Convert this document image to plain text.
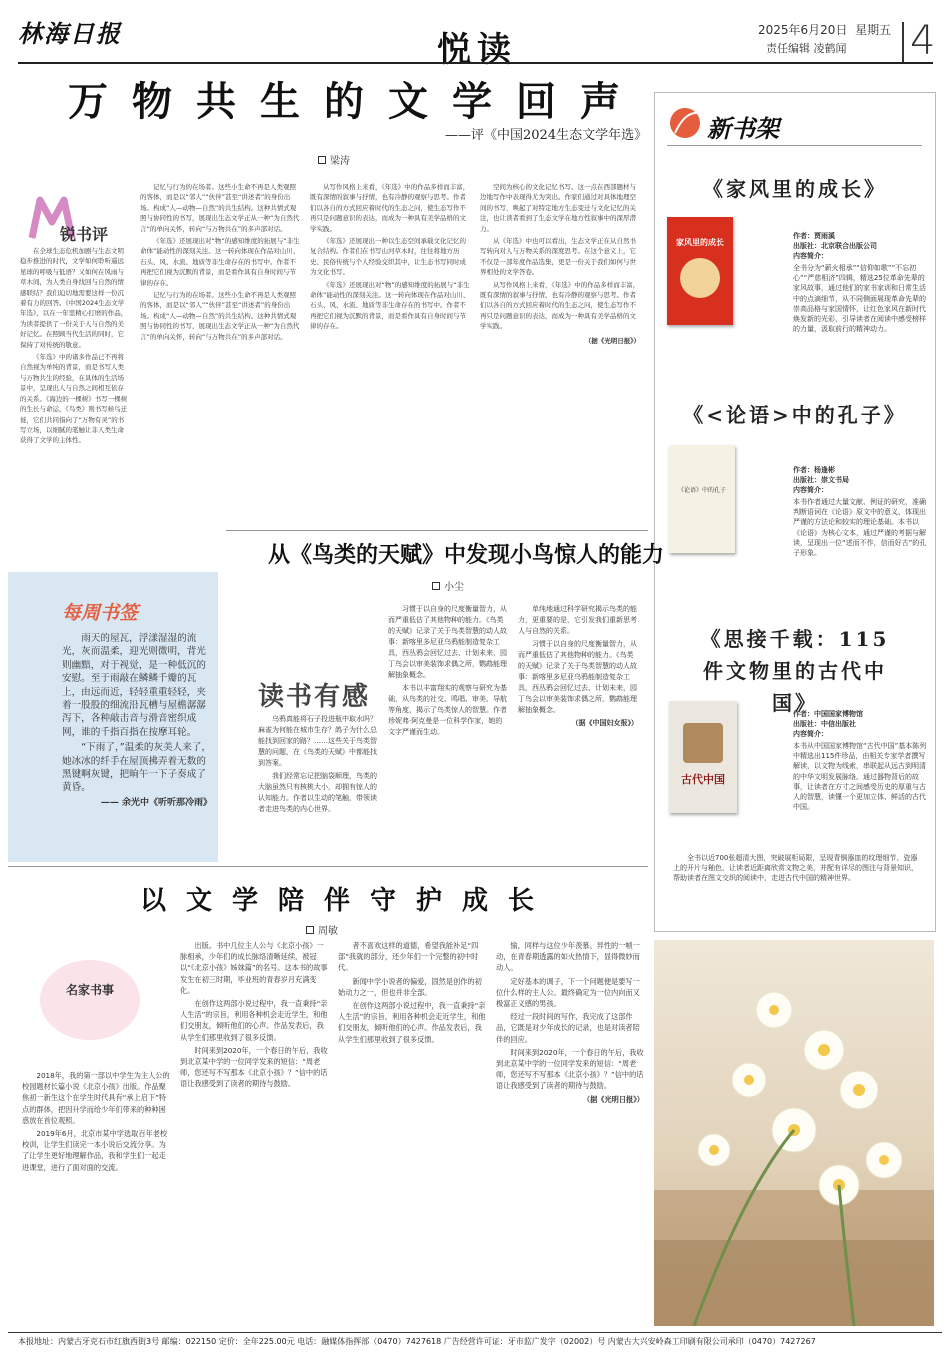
林海日报	悦读	2025年6月20日 星期五
责任编辑 凌鹤闻 4
万物共生的文学回声
——评《中国2024生态文学年选》
梁涛
锐书评

在全球生态危机加剧与生态文明稳步推进的时代，文学如何聆听遥远星球的呼吸与低语？又如何在风雨与草木间，为人类自身找回与自然的情感联结？我们迫切地需要这样一份沉着有力的回答。《中国2024生态文学年选》，以在一年里精心打磨的作品，为读者提供了一份关于人与自然的美好记忆。在照顾当代生活的同时，它保持了对传统的敬意。

《年选》中的诸多作品已不再将自然视为单纯的背景，而是书写人类与万物共生的经验，在具体的生活场景中，呈现出人与自然之间相互依存的关系。《海边的一棵树》书写一棵树的生长与命运，《鸟类》则书写候鸟迁徙，它们共同指向了“万物有灵”的书写立场，以细腻的笔触让非人类生命获得了文学的主体性。

记忆与行为的在场者。这些小生命不再是人类观照的客体，而是以“邻人”“伙伴”甚至“讲述者”的身份出场。构成“人—动物—自然”的共生结构。这种共情式观照与协同性的书写，展现出生态文学正从一种“为自然代言”的单向关怀，转向“与万物共在”的多声部对话。

《年选》还展现出对“物”的感知维度的拓展与“非生命体”能动性的深刻关注。这一转向体现在作品对山川、石头、风、水流、地质等非生命存在的书写中。作者不再把它们视为沉默的背景，而是看作具有自身时间与节律的存在。

记忆与行为的在场者。这些小生命不再是人类观照的客体，而是以“邻人”“伙伴”甚至“讲述者”的身份出场。构成“人—动物—自然”的共生结构。这种共情式观照与协同性的书写，展现出生态文学正从一种“为自然代言”的单向关怀，转向“与万物共在”的多声部对话。

从写作风格上来看，《年选》中的作品多样而丰富，既有深情的叙事与抒情，也有冷静的观察与思考。作者们以各自的方式回应着时代的生态之问，使生态写作不再只是问题意识的表达，而成为一种具有美学品格的文学实践。

《年选》还展现出一种以生态空间承载文化记忆的复合结构。作者们在书写山河草木时，往往将地方历史、民俗传统与个人经验交织其中，让生态书写同时成为文化书写。

《年选》还展现出对“物”的感知维度的拓展与“非生命体”能动性的深刻关注。这一转向体现在作品对山川、石头、风、水流、地质等非生命存在的书写中。作者不再把它们视为沉默的背景，而是看作具有自身时间与节律的存在。

空间为核心的文化记忆书写。这一点在西部题材与边地写作中表现得尤为突出。作家们通过对具体地理空间的书写，唤起了对特定地方生态变迁与文化记忆的关注，也让读者看到了生态文学在地方性叙事中的深厚潜力。

从《年选》中也可以看出，生态文学正在从自然书写转向对人与万物关系的深度思考。在这个意义上，它不仅是一部年度作品选集，更是一份关于我们如何与世界相处的文学答卷。

从写作风格上来看，《年选》中的作品多样而丰富，既有深情的叙事与抒情，也有冷静的观察与思考。作者们以各自的方式回应着时代的生态之问，使生态写作不再只是问题意识的表达，而成为一种具有美学品格的文学实践。

（据《光明日报》）
新书架
《家风里的成长》
家风里的成长
作者：贾雨溪
出版社：北京联合出版公司
内容简介：
全书分为“薪火相承”“信仰如歌”“不忘初心”“严慈相济”四辑，精选25位革命先辈的家风故事，通过他们的家书家训和日常生活中的点滴细节，从不同侧面展现革命先辈的崇高品格与家国情怀，让红色家风在新时代焕发新的光彩，引导读者在阅读中感受榜样的力量，汲取前行的精神动力。
《<论语>中的孔子》
《论语》中的孔子
作者：杨逢彬
出版社：崇文书局
内容简介：
本书作者通过大量文献、例证的研究，准确判断语词在《论语》原文中的意义，体现出严谨的方法论和较实的理论基础。本书以《论语》为核心文本，通过严谨的考据与解读，呈现出一位“述而不作，信而好古”的孔子形象。
《思接千载：115件文物里的古代中国》
古代中国
作者：中国国家博物馆
出版社：中信出版社
内容简介：
本书从中国国家博物馆“古代中国”基本陈列中精选出115件珍品，由相关专家学者撰写解读，以文物为线索，串联起从远古到明清的中华文明发展脉络。通过器物背后的故事，让读者在方寸之间感受历史的厚重与古人的智慧，读懂一个更加立体、鲜活的古代中国。
全书以近700张超清大图，突破展柜局限，呈现青铜器皿的纹理细节、瓷器上的开片与釉色，让读者近距离欣赏文物之美，并配有详尽的图注与背景知识，帮助读者在图文交织的阅读中，走进古代中国的精神世界。
从《鸟类的天赋》中发现小鸟惊人的能力
小尘
读书有感

乌鸦真能将石子投进瓶中取水吗？麻雀为何能在城市生存？鸽子为什么总能找到回家的路？……这些关于鸟类智慧的问题，在《鸟类的天赋》中都能找到答案。

我们经常忘记把脑袋顺理，鸟类的大脑虽然只有核桃大小，却拥有惊人的认知能力。作者以生动的笔触，带领读者走进鸟类的内心世界。

习惯于以自身的尺度衡量智力，从而严重低估了其他物种的能力。《鸟类的天赋》记录了关于鸟类智慧的动人故事：新喀里多尼亚乌鸦能制造复杂工具，西丛鸦会回忆过去、计划未来，园丁鸟会以审美装饰求偶之所，鹦鹉能理解抽象概念。

本书以丰富翔实的观察与研究为基础，从鸟类的社交、鸣唱、审美、导航等角度，揭示了鸟类惊人的智慧。作者珍妮弗·阿克曼是一位科学作家，她的文字严谨而生动。

单纯地通过科学研究揭示鸟类的能力，更重要的是，它引发我们重新思考人与自然的关系。

习惯于以自身的尺度衡量智力，从而严重低估了其他物种的能力。《鸟类的天赋》记录了关于鸟类智慧的动人故事：新喀里多尼亚乌鸦能制造复杂工具，西丛鸦会回忆过去、计划未来，园丁鸟会以审美装饰求偶之所，鹦鹉能理解抽象概念。

（据《中国妇女报》）
每周书签

雨天的屋瓦，浮漾湿湿的流光，灰而温柔，迎光则微明，背光则幽黯，对于视觉，是一种低沉的安慰。至于雨敲在鳞鳞千瓣的瓦上，由远而近，轻轻重重轻轻，夹着一股股的细流沿瓦槽与屋檐潺潺泻下，各种敲击音与滑音密织成网，谁的千指百指在按摩耳轮。

“下雨了，”温柔的灰美人来了，她冰冰的纤手在屋顶拂弄着无数的黑键啊灰键，把晌午一下子奏成了黄昏。

—— 余光中《听听那冷雨》
以文学陪伴守护成长
周敏
名家书事

2018年，我的第一部以中学生为主人公的校园题材长篇小说《北京小孩》出版。作品聚焦初一新生这个在学生时代具有“承上启下”特点的群体，把因升学而给少年们带来的种种困惑放在首位观照。

2019年6月，北京市某中学选取百年老校校训，让学生们读完一本小说后交流分享。为了让学生更好地理解作品，我和学生们一起走进课堂，进行了面对面的交流。

出版。书中几位主人公与《北京小孩》一脉相承，少年们的成长脉络清晰延续，被冠以“《北京小孩》姊妹篇”的名号。这本书的故事发生在初三时期，毕业班的青春岁月充满变化。

在创作这两部小说过程中，我一直秉持“亲人生活”的宗旨，利用各种机会走近学生，和他们交朋友，倾听他们的心声。作品发表后，我从学生们那里收到了很多反馈。

时间来到2020年，一个春日的午后，我收到北京某中学的一位同学发来的短信：“周老师，您还写不写那本《北京小孩》？”信中的话语让我感受到了读者的期待与鼓励。

者不喜欢这样的道德，希望我能补足“四部”我就的部分，还少年们一个完整的初中时代。

新闻中学小说者的偏爱，固然是创作的初始动力之一，但也并非全部。

在创作这两部小说过程中，我一直秉持“亲人生活”的宗旨，利用各种机会走近学生，和他们交朋友，倾听他们的心声。作品发表后，我从学生们那里收到了很多反馈。

愉，同样与这位少年羡慕。异性的一帧一动，在青春期透露的如火热情下，显得微妙而动人。

定好基本的调子，下一个问题便是要写一位什么样的主人公。最终确定为一位内向而又极富正义感的男孩。

经过一段时间的写作，我完成了这部作品，它既是对少年成长的记录，也是对读者陪伴的回应。

时间来到2020年，一个春日的午后，我收到北京某中学的一位同学发来的短信：“周老师，您还写不写那本《北京小孩》？”信中的话语让我感受到了读者的期待与鼓励。

（据《光明日报》）
本报地址：内蒙古牙克石市红旗西街3号 邮编：022150 定价：全年225.00元 电话：融媒体指挥部（0470）7427618 广告经营许可证：牙市监广发字（02002）号 内蒙古大兴安岭森工印刷有限公司承印（0470）7427267
